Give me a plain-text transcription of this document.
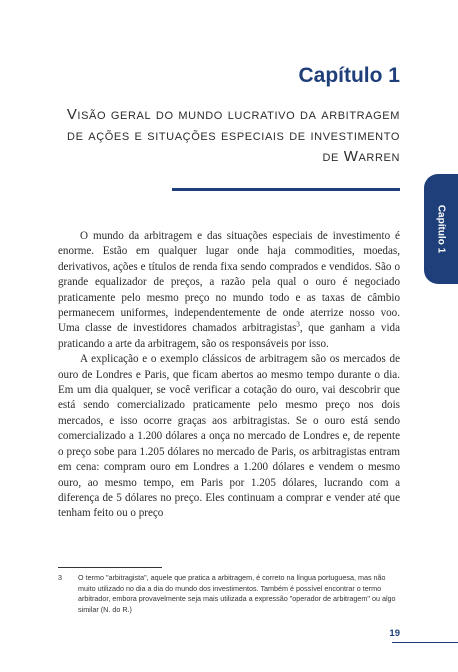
Capítulo 1
Visão geral do mundo lucrativo da arbitragem de ações e situações especiais de investimento de Warren
Capítulo 1

O mundo da arbitragem e das situações especiais de investimento é enorme. Estão em qualquer lugar onde haja commodities, moedas, derivativos, ações e títulos de renda fixa sendo comprados e vendidos. São o grande equalizador de preços, a razão pela qual o ouro é negociado praticamente pelo mesmo preço no mundo todo e as taxas de câmbio permanecem uniformes, independentemente de onde aterrize nosso voo. Uma classe de investidores chamados arbitragistas$^3$, que ganham a vida praticando a arte da arbitragem, são os responsáveis por isso.

A explicação e o exemplo clássicos de arbitragem são os mercados de ouro de Londres e Paris, que ficam abertos ao mesmo tempo durante o dia. Em um dia qualquer, se você verificar a cotação do ouro, vai descobrir que está sendo comercializado praticamente pelo mesmo preço nos dois mercados, e isso ocorre graças aos arbitragistas. Se o ouro está sendo comercializado a 1.200 dólares a onça no mercado de Londres e, de repente o preço sobe para 1.205 dólares no mercado de Paris, os arbitragistas entram em cena: compram ouro em Londres a 1.200 dólares e vendem o mesmo ouro, ao mesmo tempo, em Paris por 1.205 dólares, lucrando com a diferença de 5 dólares no preço. Eles continuam a comprar e vender até que tenham feito ou o preço

3	O termo "arbitragista", aquele que pratica a arbitragem, é correto na língua portuguesa, mas não muito utilizado no dia a dia do mundo dos investimentos. Também é possível encontrar o termo arbitrador, embora provavelmente seja mais utilizada a expressão "operador de arbitragem" ou algo similar (N. do R.)
19
